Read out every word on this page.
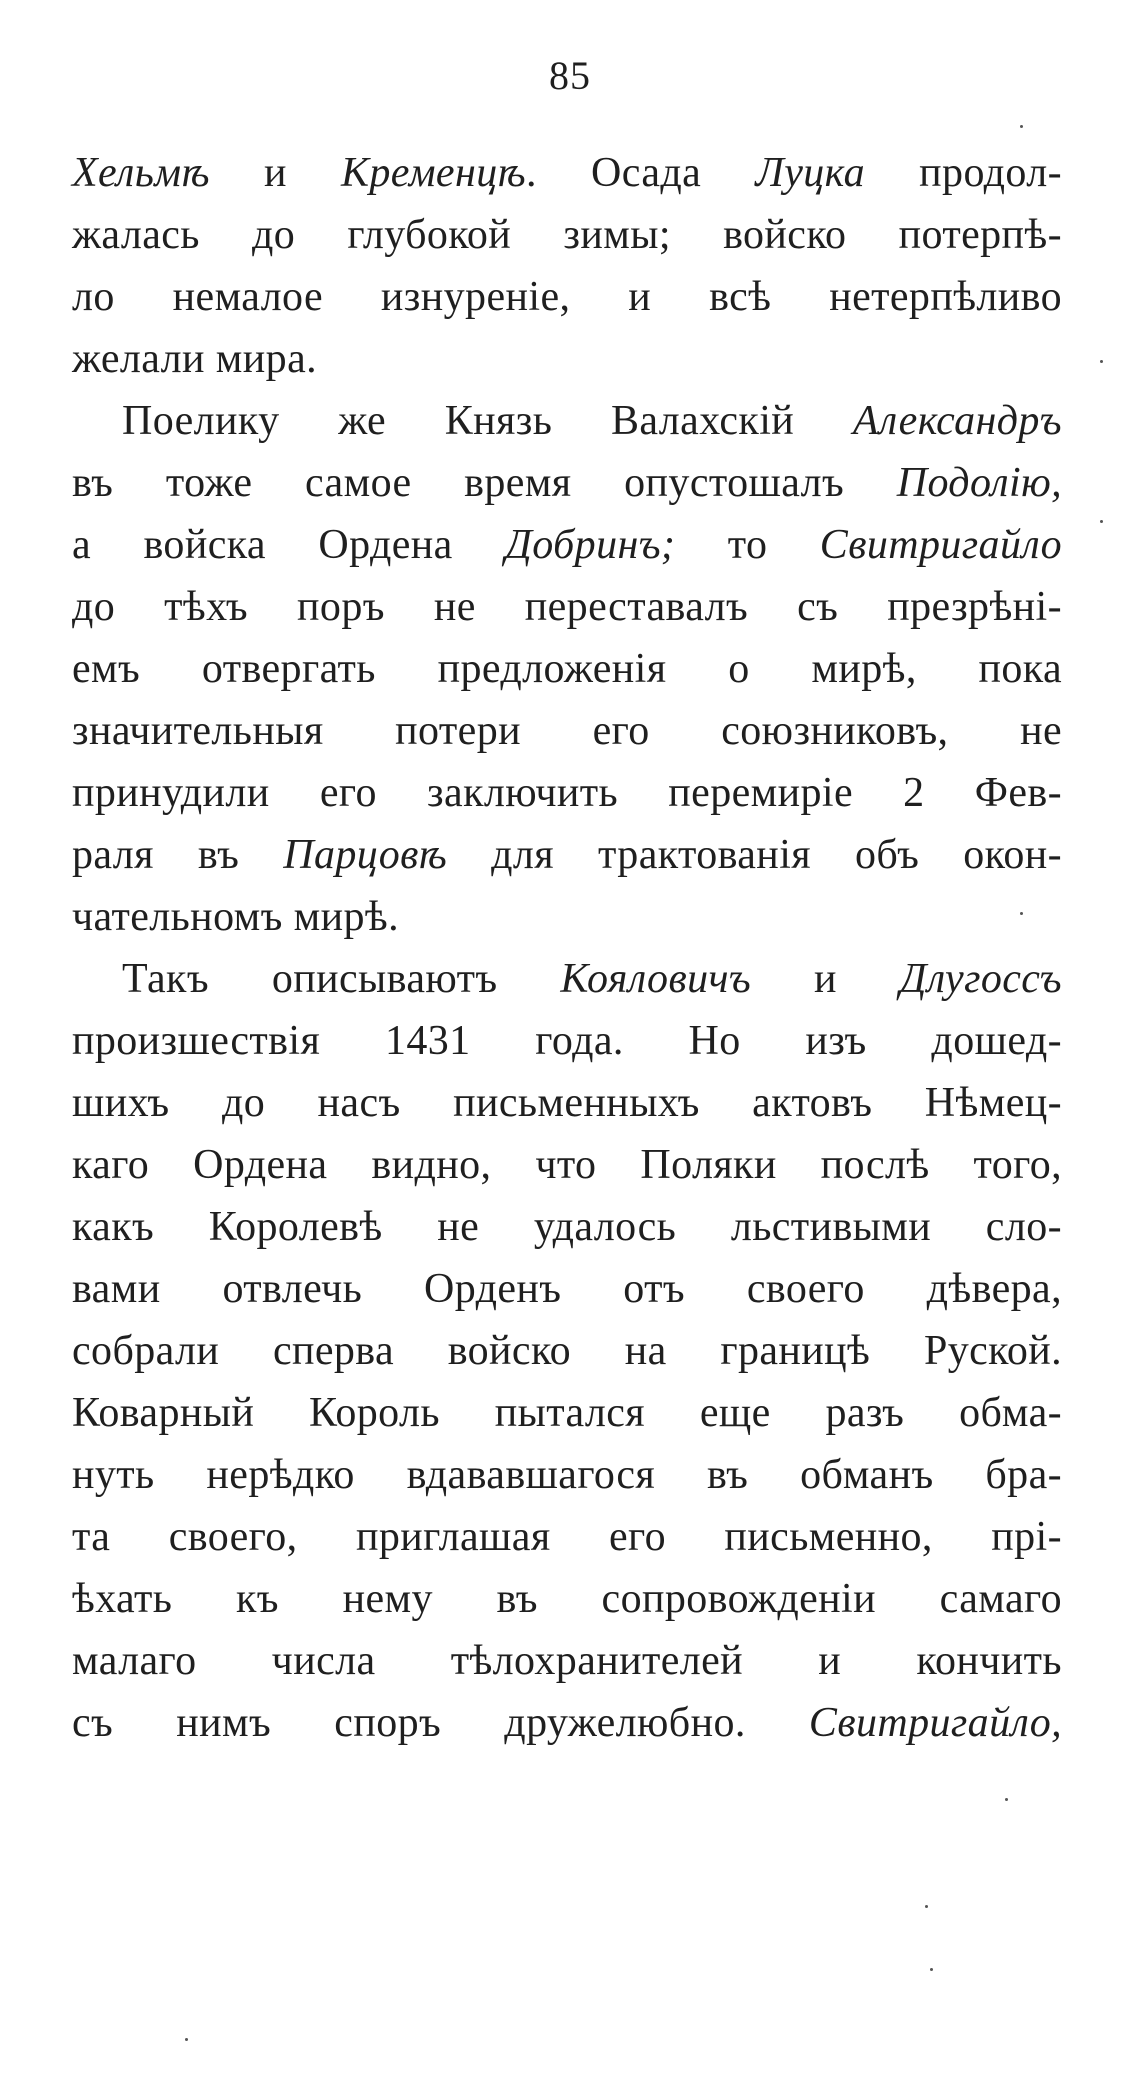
85
Хельмѣ и Кременцѣ. Осада Луцка продол-
жалась до глубокой зимы; войско потерпѣ-
ло немалое изнуреніе, и всѣ нетерпѣливо
желали мира.
Поелику же Князь Валахскій Александръ
въ тоже самое время опустошалъ Подолію,
а войска Ордена Добринъ; то Свитригайло
до тѣхъ поръ не переставалъ съ презрѣні-
емъ отвергать предложенія о мирѣ, пока
значительныя потери его союзниковъ, не
принудили его заключить перемиріе 2 Фев-
раля въ Парцовѣ для трактованія объ окон-
чательномъ мирѣ.
Такъ описываютъ Кояловичъ и Длугоссъ
произшествія 1431 года. Но изъ дошед-
шихъ до насъ письменныхъ актовъ Нѣмец-
каго Ордена видно, что Поляки послѣ того,
какъ Королевѣ не удалось льстивыми сло-
вами отвлечь Орденъ отъ своего дѣвера,
собрали сперва войско на границѣ Руской.
Коварный Король пытался еще разъ обма-
нуть нерѣдко вдававшагося въ обманъ бра-
та своего, приглашая его письменно, прі-
ѣхать къ нему въ сопровожденіи самаго
малаго числа тѣлохранителей и кончить
съ нимъ споръ дружелюбно. Свитригайло,
